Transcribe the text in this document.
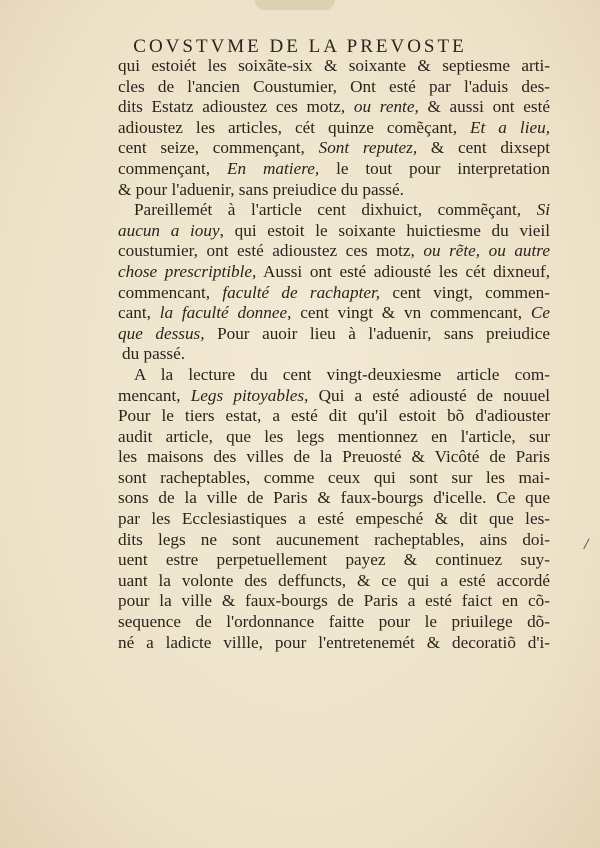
COVSTVME DE LA PREVOSTE
qui estoiét les soixãte-six & soixante & septiesme arti-
cles de l'ancien Coustumier, Ont esté par l'aduis des-
dits Estatz adioustez ces motz, ou rente, & aussi ont esté
adioustez les articles, cét quinze comẽçant, Et a lieu,
cent seize, commençant, Sont reputez, & cent dixsept
commençant, En matiere, le tout pour interpretation
& pour l'aduenir, sans preiudice du passé.
Pareillemét à l'article cent dixhuict, commẽçant, Si
aucun a iouy, qui estoit le soixante huictiesme du vieil
coustumier, ont esté adioustez ces motz, ou rẽte, ou autre
chose prescriptible, Aussi ont esté adiousté les cét dixneuf,
commencant, faculté de rachapter, cent vingt, commen-
cant, la faculté donnee, cent vingt & vn commencant, Ce
que dessus, Pour auoir lieu à l'aduenir, sans preiudice
du passé.
A la lecture du cent vingt-deuxiesme article com-
mencant, Legs pitoyables, Qui a esté adiousté de nouuel
Pour le tiers estat, a esté dit qu'il estoit bõ d'adiouster
audit article, que les legs mentionnez en l'article, sur
les maisons des villes de la Preuosté & Vicôté de Paris
sont racheptables, comme ceux qui sont sur les mai-
sons de la ville de Paris & faux-bourgs d'icelle. Ce que
par les Ecclesiastiques a esté empesché & dit que les-
dits legs ne sont aucunement racheptables, ains doi-
uent estre perpetuellement payez & continuez suy-
uant la volonte des deffuncts, & ce qui a esté accordé
pour la ville & faux-bourgs de Paris a esté faict en cõ-
sequence de l'ordonnance faitte pour le priuilege dõ-
né a ladicte villle, pour l'entretenemét & decoratiõ d'i-
/
